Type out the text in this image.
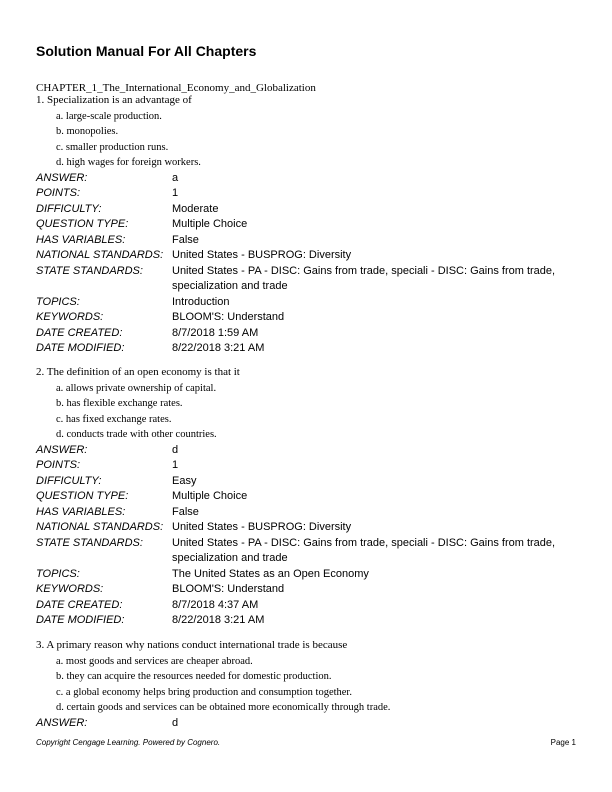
Solution Manual For All Chapters
CHAPTER_1_The_International_Economy_and_Globalization
1. Specialization is an advantage of
a. large-scale production.
b. monopolies.
c. smaller production runs.
d. high wages for foreign workers.
ANSWER:	a
POINTS:	1
DIFFICULTY:	Moderate
QUESTION TYPE:	Multiple Choice
HAS VARIABLES:	False
NATIONAL STANDARDS: United States - BUSPROG: Diversity
STATE STANDARDS:	United States - PA - DISC: Gains from trade, speciali - DISC: Gains from trade, specialization and trade
TOPICS:	Introduction
KEYWORDS:	BLOOM'S: Understand
DATE CREATED:	8/7/2018 1:59 AM
DATE MODIFIED:	8/22/2018 3:21 AM
2. The definition of an open economy is that it
a. allows private ownership of capital.
b. has flexible exchange rates.
c. has fixed exchange rates.
d. conducts trade with other countries.
ANSWER:	d
POINTS:	1
DIFFICULTY:	Easy
QUESTION TYPE:	Multiple Choice
HAS VARIABLES:	False
NATIONAL STANDARDS: United States - BUSPROG: Diversity
STATE STANDARDS:	United States - PA - DISC: Gains from trade, speciali - DISC: Gains from trade, specialization and trade
TOPICS:	The United States as an Open Economy
KEYWORDS:	BLOOM'S: Understand
DATE CREATED:	8/7/2018 4:37 AM
DATE MODIFIED:	8/22/2018 3:21 AM
3. A primary reason why nations conduct international trade is because
a. most goods and services are cheaper abroad.
b. they can acquire the resources needed for domestic production.
c. a global economy helps bring production and consumption together.
d. certain goods and services can be obtained more economically through trade.
ANSWER:	d
Copyright Cengage Learning. Powered by Cognero.	Page 1
